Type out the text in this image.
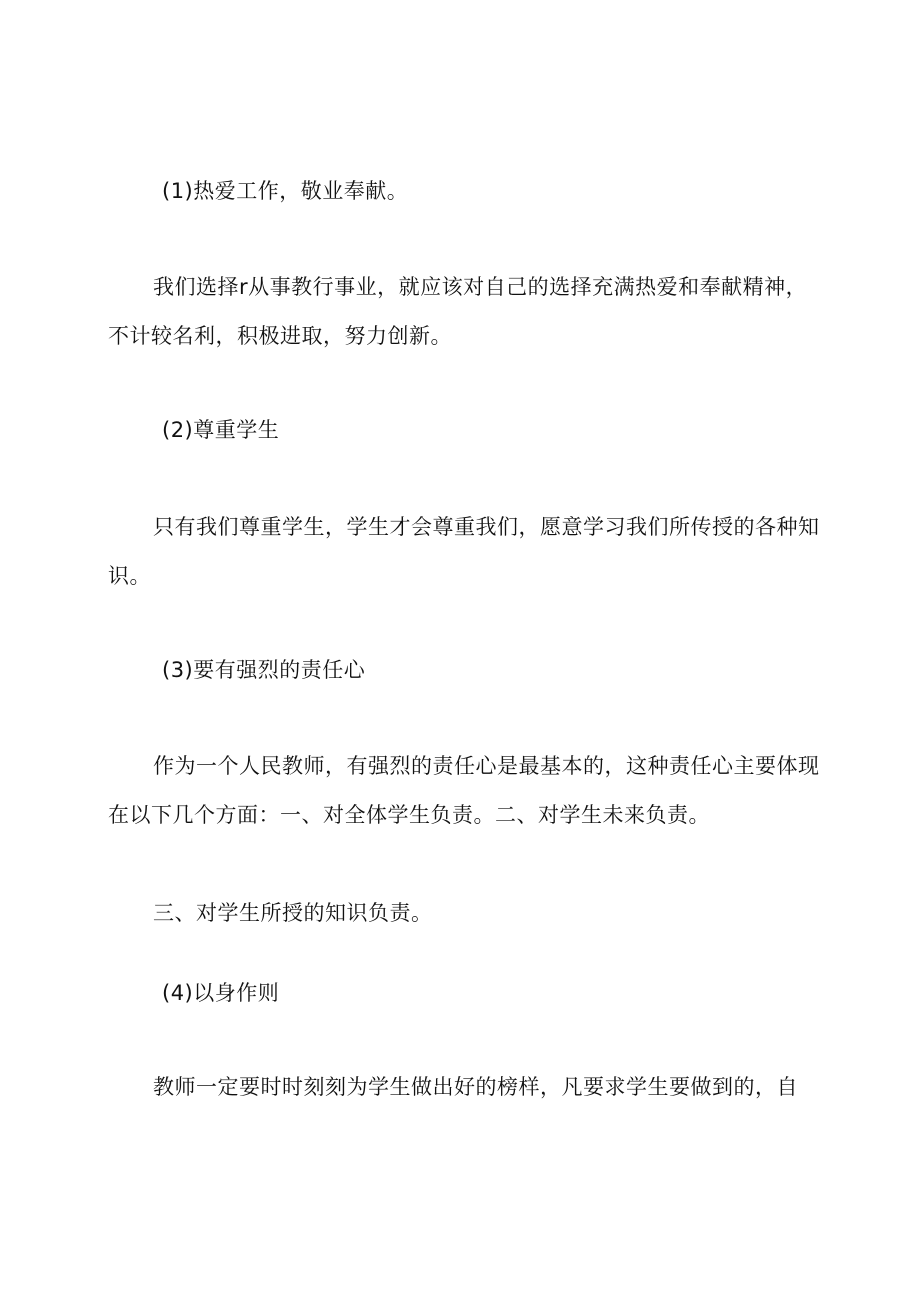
(1)热爱工作，敬业奉献。
我们选择r从事教行事业，就应该对自己的选择充满热爱和奉献精神，
不计较名利，积极进取，努力创新。
(2)尊重学生
只有我们尊重学生，学生才会尊重我们，愿意学习我们所传授的各种知
识。
(3)要有强烈的责任心
作为一个人民教师，有强烈的责任心是最基本的，这种责任心主要体现
在以下几个方面：一、对全体学生负责。二、对学生未来负责。
三、对学生所授的知识负责。
(4)以身作则
教师一定要时时刻刻为学生做出好的榜样，凡要求学生要做到的，自
